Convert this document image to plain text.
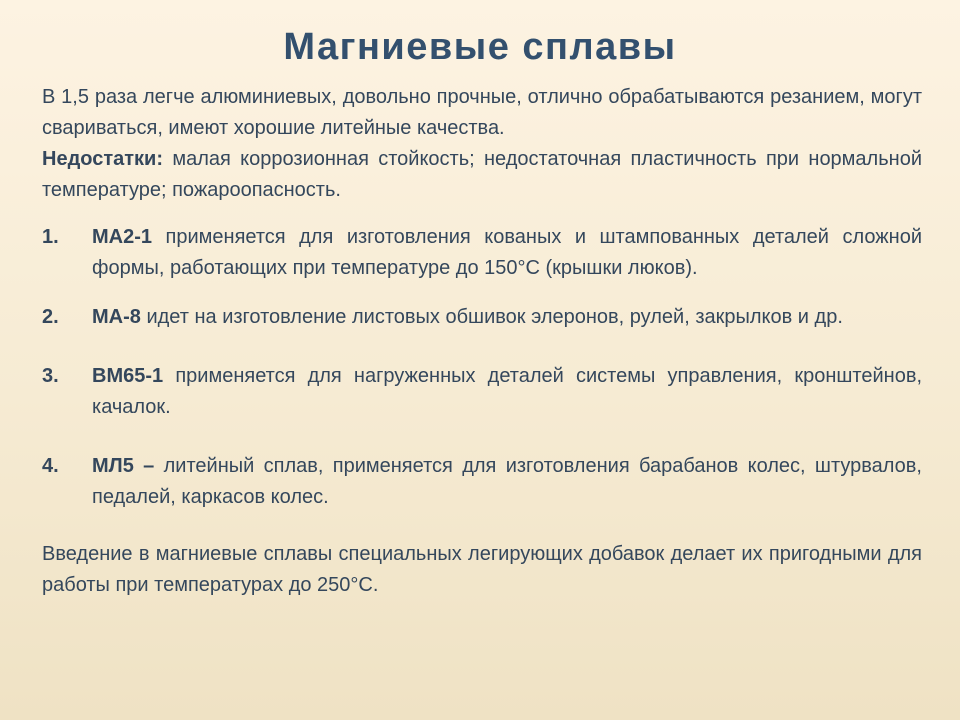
Магниевые сплавы

В 1,5 раза легче алюминиевых, довольно прочные, отлично обрабатываются резанием, могут свариваться, имеют хорошие литейные качества.

Недостатки: малая коррозионная стойкость; недостаточная пластичность при нормальной температуре; пожароопасность.

1. МА2-1 применяется для изготовления кованых и штампованных деталей сложной формы, работающих при температуре до 150°С (крышки люков).
2. МА-8 идет на изготовление листовых обшивок элеронов, рулей, закрылков и др.
3. ВМ65-1 применяется для нагруженных деталей системы управления, кронштейнов, качалок.
4. МЛ5 – литейный сплав, применяется для изготовления барабанов колес, штурвалов, педалей, каркасов колес.

Введение в магниевые сплавы специальных легирующих добавок делает их пригодными для работы при температурах до 250°С.
